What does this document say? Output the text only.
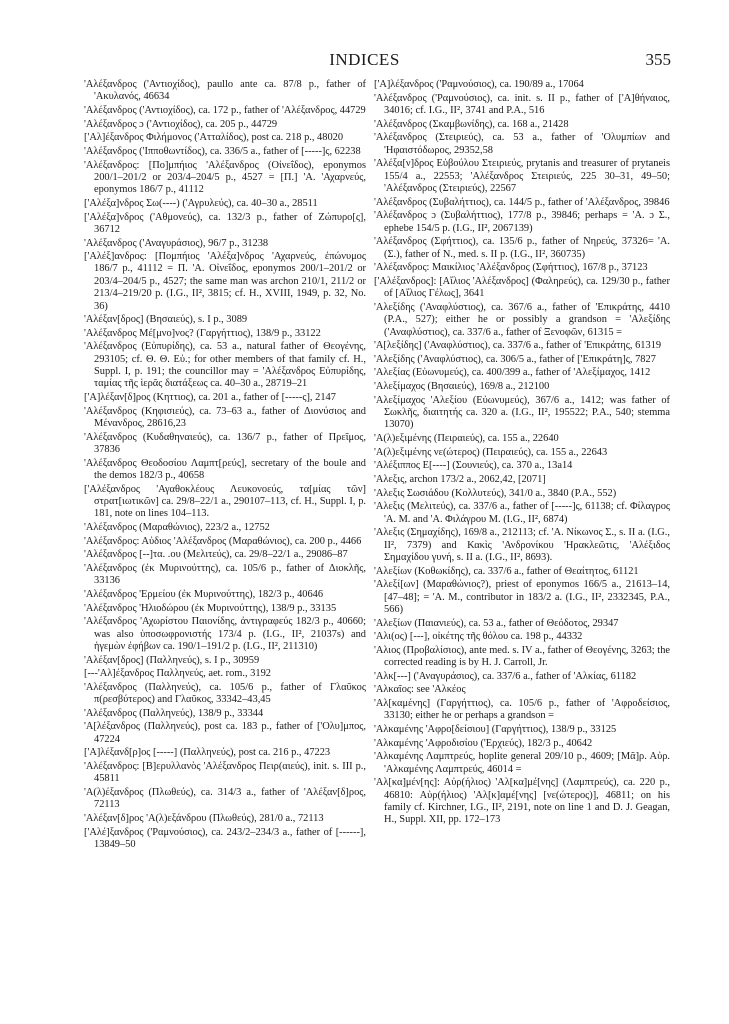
INDICES	355

'Αλέξανδρος ('Αντιοχίδος), paullo ante ca. 87/8 p., father of 'Ακυλανός, 46634

'Αλέξανδρος ('Αντιοχίδος), ca. 172 p., father of 'Αλέξανδρος, 44729

'Αλέξανδρος ɔ ('Αντιοχίδος), ca. 205 p., 44729

['Αλ]έξανδρος Φιλήμονος ('Ατταλίδος), post ca. 218 p., 48020

'Αλέξανδρος ('Ιπποθωντίδος), ca. 336/5 a., father of [-----]ς, 62238

'Αλέξανδρος: [Πο]μπήιος 'Αλέξανδρος (Οἰνεΐδος), eponymos 200/1–201/2 or 203/4–204/5 p., 4527 = [Π.] 'Α. 'Αχαρνεύς, eponymos 186/7 p., 41112

['Αλέξα]νδρος Σω(----) ('Αγρυλεύς), ca. 40–30 a., 28511

['Αλέξα]νδρος ('Αθμονεύς), ca. 132/3 p., father of Ζώπυρο[ς], 36712

'Αλέξανδρος ('Αναγυράσιος), 96/7 p., 31238

['Αλέξ]ανδρος: [Πομπήιος 'Αλέξα]νδρος 'Αχαρνεύς, ἐπώνυμος 186/7 p., 41112 = Π. 'Α. Οἰνεΐδος, eponymos 200/1–201/2 or 203/4–204/5 p., 4527; the same man was archon 210/1, 211/2 or 213/4–219/20 p. (I.G., II², 3815; cf. H., XVIII, 1949, p. 32, No. 36)

'Αλέξαν[δρος] (Βησαιεύς), s. I p., 3089

'Αλέξανδρος Μέ[μνο]νος? (Γαργήττιος), 138/9 p., 33122

'Αλέξανδρος (Εὐπυρίδης), ca. 53 a., natural father of Θεογένης, 293105; cf. Θ. Θ. Εὐ.; for other members of that family cf. H., Suppl. I, p. 191; the councillor may = 'Αλέξανδρος Εὐπυρίδης, ταμίας τῆς ἱερᾶς διατάξεως ca. 40–30 a., 28719–21

['Α]λέξαν[δ]ρος (Κηττιος), ca. 201 a., father of [-----ς], 2147

'Αλέξανδρος (Κηφισιεύς), ca. 73–63 a., father of Διονύσιος and Μένανδρος, 28616,23

'Αλέξανδρος (Κυδαθηναιεύς), ca. 136/7 p., father of Πρεῖμος, 37836

'Αλέξανδρος Θεοδοσίου Λαμπτ[ρεύς], secretary of the boule and the demos 182/3 p., 40658

['Αλέξανδρος 'Αγαθοκλέους Λευκονοεύς, τα[μίας τῶν] στρατ[ιωτικῶν] ca. 29/8–22/1 a., 290107–113, cf. H., Suppl. I, p. 181, note on lines 104–113.

'Αλέξανδρος (Μαραθώνιος), 223/2 a., 12752

'Αλέξανδρος: Αὐδιος 'Αλέξανδρος (Μαραθώνιος), ca. 200 p., 4466

'Αλέξανδρος [--]τα. .ου (Μελιτεύς), ca. 29/8–22/1 a., 29086–87

'Αλέξανδρος (ἐκ Μυρινούττης), ca. 105/6 p., father of Διοκλῆς, 33136

'Αλέξανδρος 'Ερμείου (ἐκ Μυρινούττης), 182/3 p., 40646

'Αλέξανδρος 'Ηλιοδώρου (ἐκ Μυρινούττης), 138/9 p., 33135

'Αλέξανδρος 'Αχωρίστου Παιονίδης, ἀντιγραφεύς 182/3 p., 40660; was also ὑποσωφρονιστής 173/4 p. (I.G., II², 21037s) and ἡγεμὼν ἐφήβων ca. 190/1–191/2 p. (I.G., II², 211310)

'Αλέξαν[δρος] (Παλληνεύς), s. I p., 30959

[---'Αλ]έξανδρος Παλληνεύς, aet. rom., 3192

'Αλέξανδρος (Παλληνεύς), ca. 105/6 p., father of Γλαῦκος π(ρεσβύτερος) and Γλαῦκος, 33342–43,45

'Αλέξανδρος (Παλληνεύς), 138/9 p., 33344

'Α[λέξανδρος (Παλληνεύς), post ca. 183 p., father of ['Ολυ]μπος, 47224

['Α]λέξανδ[ρ]ος [-----] (Παλληνεύς), post ca. 216 p., 47223

'Αλέξανδρος: [Β]ερυλλανὸς 'Αλέξανδρος Πειρ(αιεύς), init. s. III p., 45811

'Α(λ)έξανδρος (Πλωθεύς), ca. 314/3 a., father of 'Αλέξαν[δ]ρος, 72113

'Αλέξαν[δ]ρος 'Α(λ)εξάνδρου (Πλωθεύς), 281/0 a., 72113

['Αλέ]ξανδρος ('Ραμνούσιος), ca. 243/2–234/3 a., father of [------], 13849–50

['Α]λέξανδρος ('Ραμνούσιος), ca. 190/89 a., 17064

'Αλέξανδρος ('Ραμνούσιος), ca. init. s. II p., father of ['Α]θήναιος, 34016; cf. I.G., II², 3741 and P.A., 516

'Αλέξανδρος (Σκαμβωνίδης), ca. 168 a., 21428

'Αλέξανδρος (Στειριεύς), ca. 53 a., father of 'Ολυμπίων and 'Ηφαιστόδωρος, 29352,58

'Αλέξα[ν]δρος Εὐβούλου Στειριεύς, prytanis and treasurer of prytaneis 155/4 a., 22553; 'Αλέξανδρος Στειριεύς, 225 30–31, 49–50; 'Αλέξανδρος (Στειριεύς), 22567

'Αλέξανδρος (Συβαλήττιος), ca. 144/5 p., father of 'Αλέξανδρος, 39846

'Αλέξανδρος ɔ (Συβαλήττιος), 177/8 p., 39846; perhaps = 'Α. ɔ Σ., ephebe 154/5 p. (I.G., II², 2067139)

'Αλέξανδρος (Σφήττιος), ca. 135/6 p., father of Νηρεύς, 37326= 'Α. (Σ.), father of Ν., med. s. II p. (I.G., II², 360735)

'Αλέξανδρος: Μαικίλιος 'Αλέξανδρος (Σφήττιος), 167/8 p., 37123

['Αλέξανδρος]: [Αἴλιος 'Αλέξανδρος] (Φαληρεύς), ca. 129/30 p., father of [Αἴλιος Γέλως], 3641

'Αλεξίδης ('Αναφλύστιος), ca. 367/6 a., father of 'Επικράτης, 4410 (P.A., 527); either he or possibly a grandson = 'Αλεξίδης ('Αναφλύστιος), ca. 337/6 a., father of Ξενοφῶν, 61315 =

'Α[λεξίδης] ('Αναφλύστιος), ca. 337/6 a., father of 'Επικράτης, 61319

'Αλεξίδης ('Αναφλύστιος), ca. 306/5 a., father of ['Επικράτη]ς, 7827

'Αλεξίας (Εὐωνυμεύς), ca. 400/399 a., father of 'Αλεξίμαχος, 1412

'Αλεξίμαχος (Βησαιεύς), 169/8 a., 212100

'Αλεξίμαχος 'Αλεξίου (Εὐωνυμεύς), 367/6 a., 1412; was father of Σωκλῆς, διαιτητής ca. 320 a. (I.G., II², 195522; P.A., 540; stemma 13070)

'Α(λ)εξιμένης (Πειραιεύς), ca. 155 a., 22640

'Α(λ)εξιμένης νε(ώτερος) (Πειραιεύς), ca. 155 a., 22643

'Αλέξιππος Ε[----] (Σουνιεύς), ca. 370 a., 13a14

'Αλεξις, archon 173/2 a., 2062,42, [2071]

'Αλεξις Σωσιάδου (Κολλυτεύς), 341/0 a., 3840 (P.A., 552)

'Αλεξις (Μελιτεύς), ca. 337/6 a., father of [-----]ς, 61138; cf. Φίλαγρος 'Α. Μ. and 'Α. Φιλάγρου Μ. (I.G., II², 6874)

'Αλεξις (Σημαχίδης), 169/8 a., 212113; cf. 'Α. Νίκωνος Σ., s. II a. (I.G., II², 7379) and Κακὶς 'Ανδρονίκου 'Ηρακλεῶτις, 'Αλέξιδος Σημαχίδου γυνή, s. II a. (I.G., II², 8693).

'Αλεξίων (Κοθωκίδης), ca. 337/6 a., father of Θεαίτητος, 61121

'Αλεξί[ων] (Μαραθώνιος?), priest of eponymos 166/5 a., 21613–14, [47–48]; = 'Α. M., contributor in 183/2 a. (I.G., II², 2332345, P.A., 566)

'Αλεξίων (Παιανιεύς), ca. 53 a., father of Θεόδοτος, 29347

'Αλι(ος) [---], οἰκέτης τῆς θόλου ca. 198 p., 44332

'Αλιος (Προβαλίσιος), ante med. s. IV a., father of Θεογένης, 3263; the corrected reading is by H. J. Carroll, Jr.

'Αλκ[---] ('Αναγυράσιος), ca. 337/6 a., father of 'Αλκίας, 61182

'Αλκαῖος: see 'Αλκέος

'Αλ[καμένης] (Γαργήττιος), ca. 105/6 p., father of 'Αφροδείσιος, 33130; either he or perhaps a grandson =

'Αλκαμένης 'Αφρο[δείσιου] (Γαργήττιος), 138/9 p., 33125

'Αλκαμένης 'Αφροδισίου ('Ερχιεύς), 182/3 p., 40642

'Αλκαμένης Λαμπτρεύς, hoplite general 209/10 p., 4609; [Μᾶ]ρ. Αὐρ. 'Αλκαμένης Λαμπτρεύς, 46014 =

'Αλ[κα]μέν[ης]: Αὐρ(ήλιος) 'Αλ[κα]μέ[νης] (Λαμπτρεύς), ca. 220 p., 46810: Αὐρ(ήλιος) 'Αλ[κ]αμέ[νης] [νε(ώτερος)], 46811; on his family cf. Kirchner, I.G., II², 2191, note on line 1 and D. J. Geagan, H., Suppl. XII, pp. 172–173
